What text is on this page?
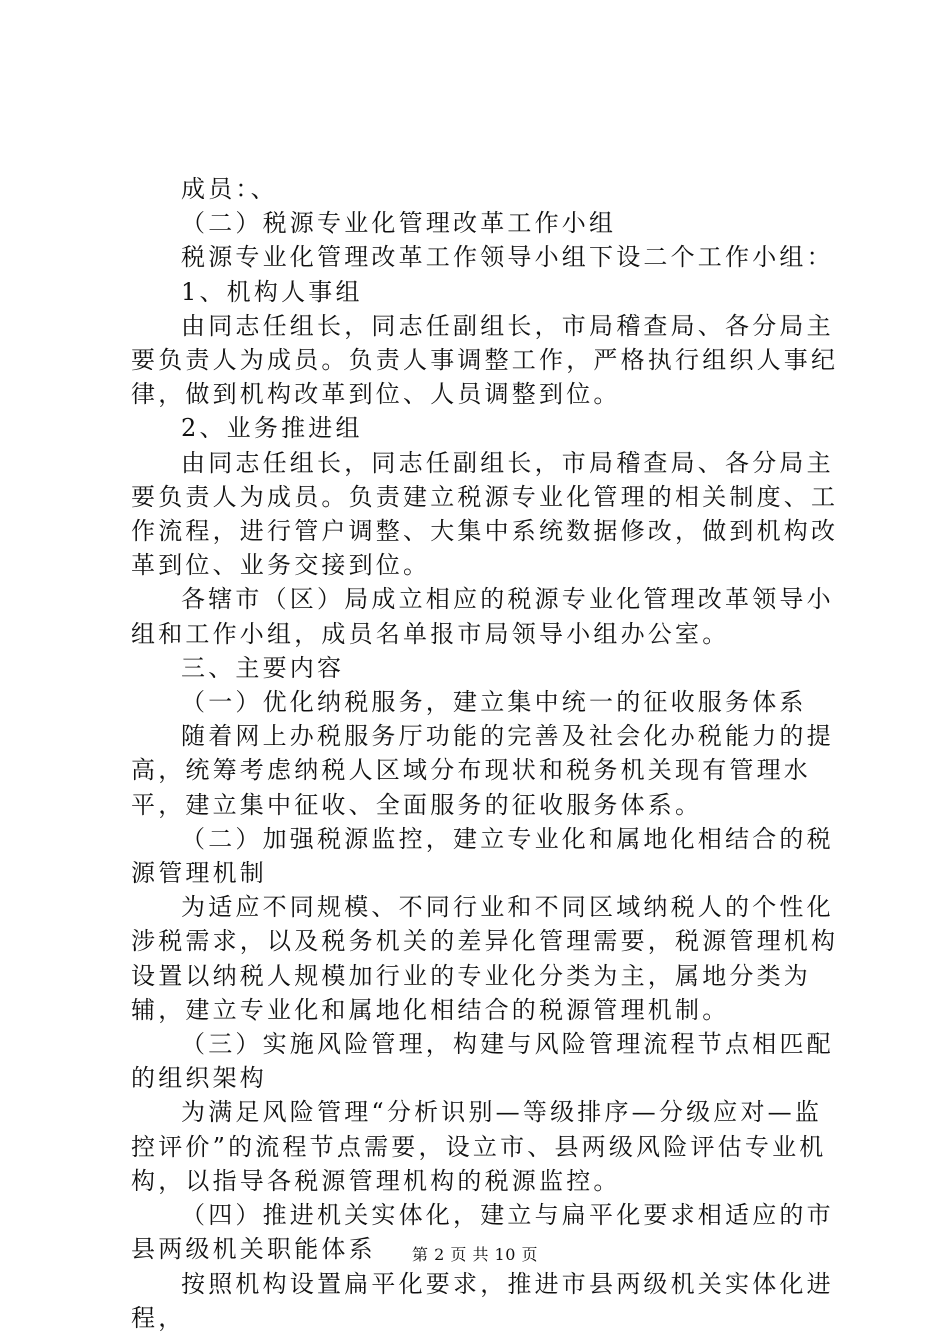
成员：、

（二）税源专业化管理改革工作小组

税源专业化管理改革工作领导小组下设二个工作小组：

1、机构人事组

由同志任组长，同志任副组长，市局稽查局、各分局主要负责人为成员。负责人事调整工作，严格执行组织人事纪律，做到机构改革到位、人员调整到位。

2、业务推进组

由同志任组长，同志任副组长，市局稽查局、各分局主要负责人为成员。负责建立税源专业化管理的相关制度、工作流程，进行管户调整、大集中系统数据修改，做到机构改革到位、业务交接到位。

各辖市（区）局成立相应的税源专业化管理改革领导小组和工作小组，成员名单报市局领导小组办公室。

三、主要内容

（一）优化纳税服务，建立集中统一的征收服务体系

随着网上办税服务厅功能的完善及社会化办税能力的提高，统筹考虑纳税人区域分布现状和税务机关现有管理水平，建立集中征收、全面服务的征收服务体系。

（二）加强税源监控，建立专业化和属地化相结合的税源管理机制

为适应不同规模、不同行业和不同区域纳税人的个性化涉税需求，以及税务机关的差异化管理需要，税源管理机构设置以纳税人规模加行业的专业化分类为主，属地分类为辅，建立专业化和属地化相结合的税源管理机制。

（三）实施风险管理，构建与风险管理流程节点相匹配的组织架构

为满足风险管理“分析识别—等级排序—分级应对—监控评价”的流程节点需要，设立市、县两级风险评估专业机构，以指导各税源管理机构的税源监控。

（四）推进机关实体化，建立与扁平化要求相适应的市县两级机关职能体系

按照机构设置扁平化要求，推进市县两级机关实体化进程，

第 2 页 共 10 页
